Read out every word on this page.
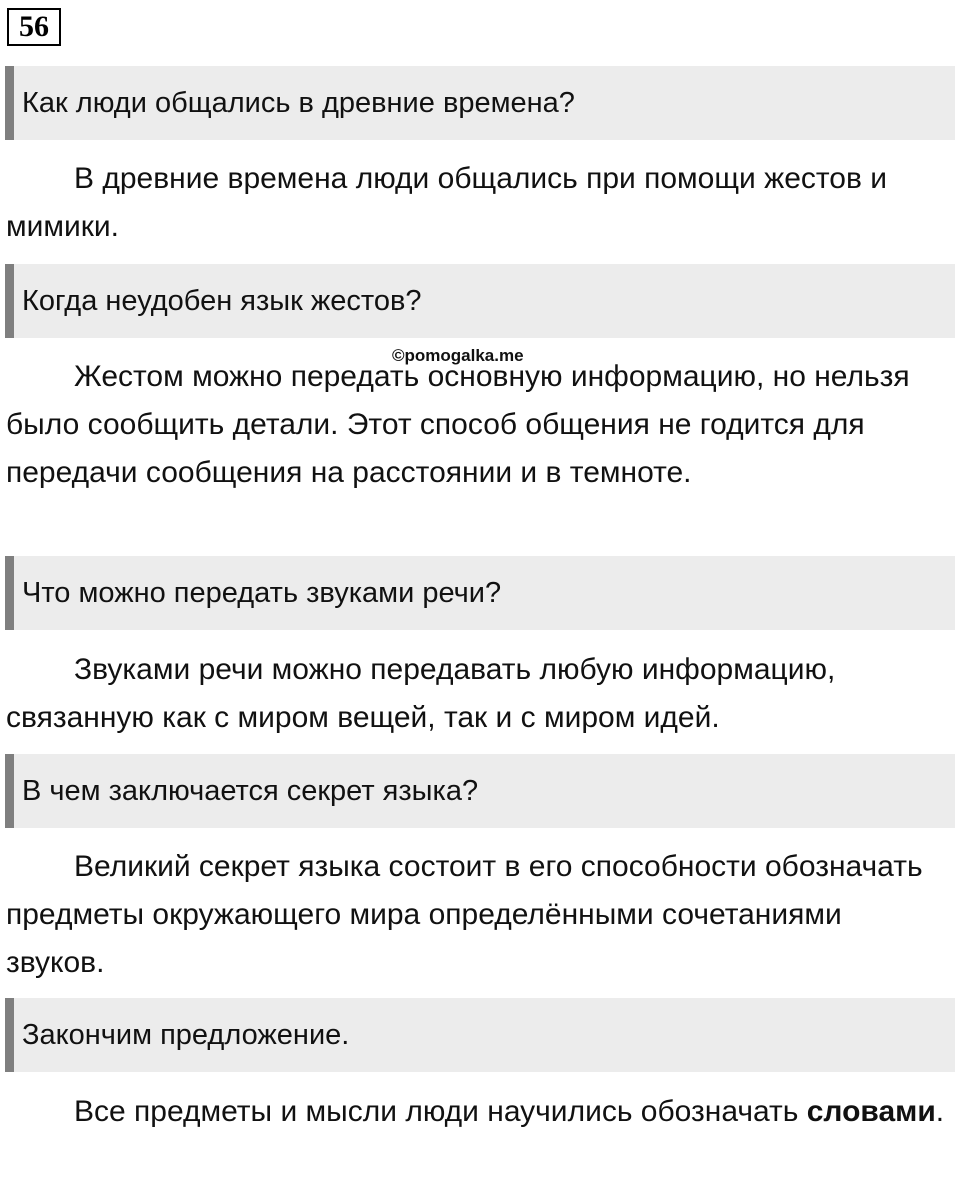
56
Как люди общались в древние времена?
В древние времена люди общались при помощи жестов и мимики.
Когда неудобен язык жестов?
©pomogalka.me
Жестом можно передать основную информацию, но нельзя было сообщить детали. Этот способ общения не годится для передачи сообщения на расстоянии и в темноте.
Что можно передать звуками речи?
Звуками речи можно передавать любую информацию, связанную как с миром вещей, так и с миром идей.
В чем заключается секрет языка?
Великий секрет языка состоит в его способности обозначать предметы окружающего мира определёнными сочетаниями звуков.
Закончим предложение.
Все предметы и мысли люди научились обозначать словами.
